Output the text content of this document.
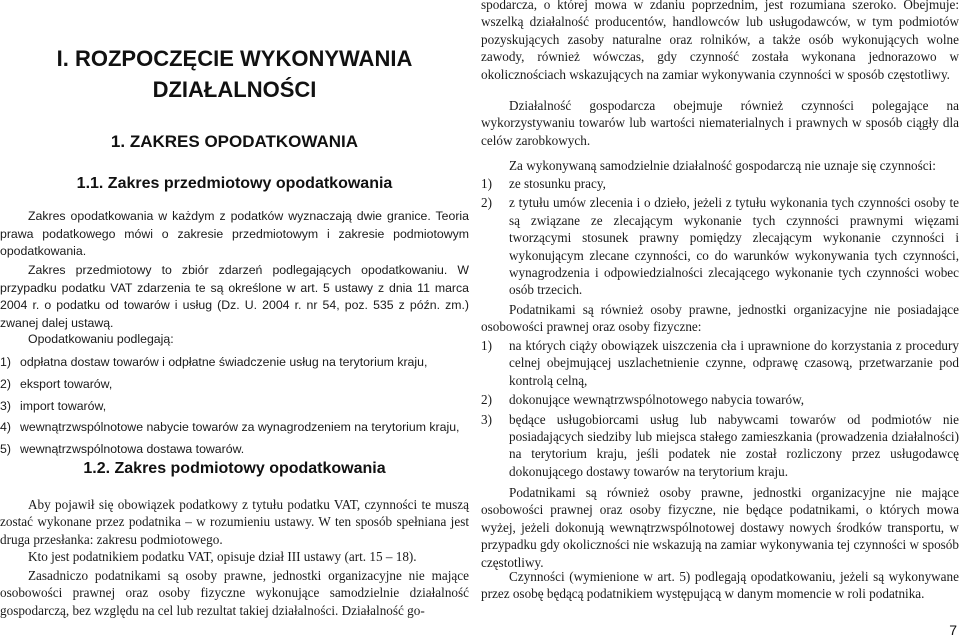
I. ROZPOCZĘCIE WYKONYWANIA DZIAŁALNOŚCI
1. ZAKRES OPODATKOWANIA
1.1. Zakres przedmiotowy opodatkowania

Zakres opodatkowania w każdym z podatków wyznaczają dwie granice. Teoria prawa podatkowego mówi o zakresie przedmiotowym i zakresie podmiotowym opodatkowania.

Zakres przedmiotowy to zbiór zdarzeń podlegających opodatkowaniu. W przypadku podatku VAT zdarzenia te są określone w art. 5 ustawy z dnia 11 marca 2004 r. o podatku od towarów i usług (Dz. U. 2004 r. nr 54, poz. 535 z późn. zm.) zwanej dalej ustawą.

Opodatkowaniu podlegają:

1) odpłatna dostaw towarów i odpłatne świadczenie usług na terytorium kraju,
2) eksport towarów,
3) import towarów,
4) wewnątrzwspólnotowe nabycie towarów za wynagrodzeniem na terytorium kraju,
5) wewnątrzwspólnotowa dostawa towarów.
1.2. Zakres podmiotowy opodatkowania

Aby pojawił się obowiązek podatkowy z tytułu podatku VAT, czynności te muszą zostać wykonane przez podatnika – w rozumieniu ustawy. W ten sposób spełniana jest druga przesłanka: zakresu podmiotowego.

Kto jest podatnikiem podatku VAT, opisuje dział III ustawy (art. 15 – 18).

Zasadniczo podatnikami są osoby prawne, jednostki organizacyjne nie mające osobowości prawnej oraz osoby fizyczne wykonujące samodzielnie działalność gospodarczą, bez względu na cel lub rezultat takiej działalności. Działalność go-

spodarcza, o której mowa w zdaniu poprzednim, jest rozumiana szeroko. Obejmuje: wszelką działalność producentów, handlowców lub usługodawców, w tym podmiotów pozyskujących zasoby naturalne oraz rolników, a także osób wykonujących wolne zawody, również wówczas, gdy czynność została wykonana jednorazowo w okolicznościach wskazujących na zamiar wykonywania czynności w sposób częstotliwy.

Działalność gospodarcza obejmuje również czynności polegające na wykorzystywaniu towarów lub wartości niematerialnych i prawnych w sposób ciągły dla celów zarobkowych.

Za wykonywaną samodzielnie działalność gospodarczą nie uznaje się czynności:

1)	ze stosunku pracy,
2)	z tytułu umów zlecenia i o dzieło, jeżeli z tytułu wykonania tych czynności osoby te są związane ze zlecającym wykonanie tych czynności prawnymi więzami tworzącymi stosunek prawny pomiędzy zlecającym wykonanie czynności i wykonującym zlecane czynności, co do warunków wykonywania tych czynności, wynagrodzenia i odpowiedzialności zlecającego wykonanie tych czynności wobec osób trzecich.

Podatnikami są również osoby prawne, jednostki organizacyjne nie posiadające osobowości prawnej oraz osoby fizyczne:

1)	na których ciąży obowiązek uiszczenia cła i uprawnione do korzystania z procedury celnej obejmującej uszlachetnienie czynne, odprawę czasową, przetwarzanie pod kontrolą celną,
2)	dokonujące wewnątrzwspólnotowego nabycia towarów,
3)	będące usługobiorcami usług lub nabywcami towarów od podmiotów nie posiadających siedziby lub miejsca stałego zamieszkania (prowadzenia działalności) na terytorium kraju, jeśli podatek nie został rozliczony przez usługodawcę dokonującego dostawy towarów na terytorium kraju.

Podatnikami są również osoby prawne, jednostki organizacyjne nie mające osobowości prawnej oraz osoby fizyczne, nie będące podatnikami, o których mowa wyżej, jeżeli dokonują wewnątrzwspólnotowej dostawy nowych środków transportu, w przypadku gdy okoliczności nie wskazują na zamiar wykonywania tej czynności w sposób częstotliwy.

Czynności (wymienione w art. 5) podlegają opodatkowaniu, jeżeli są wykonywane przez osobę będącą podatnikiem występującą w danym momencie w roli podatnika.

7
